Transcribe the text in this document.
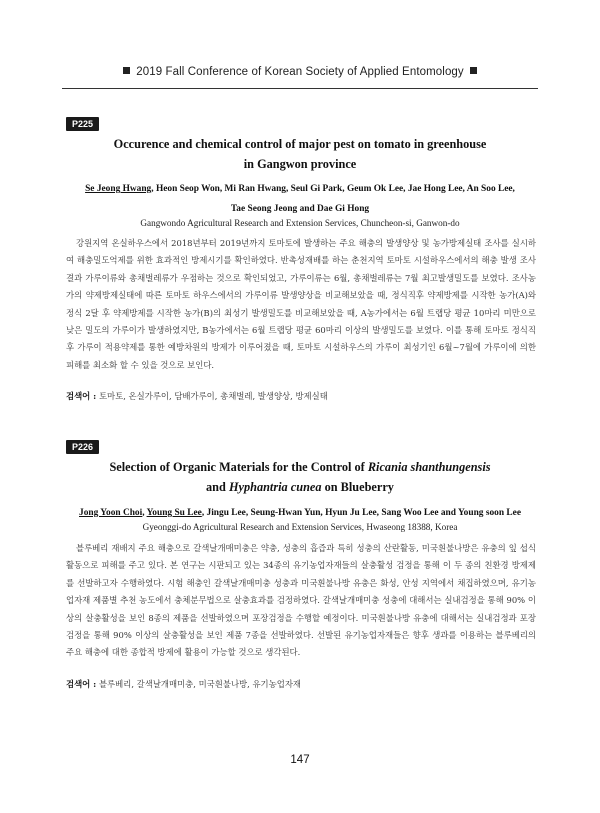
2019 Fall Conference of Korean Society of Applied Entomology
P225
Occurence and chemical control of major pest on tomato in greenhouse
in Gangwon province
Se Jeong Hwang, Heon Seop Won, Mi Ran Hwang, Seul Gi Park, Geum Ok Lee, Jae Hong Lee, An Soo Lee,
Tae Seong Jeong and Dae Gi Hong
Gangwondo Agricultural Research and Extension Services, Chuncheon-si, Ganwon-do
강원지역 온실하우스에서 2018년부터 2019년까지 토마토에 발생하는 주요 해충의 발생양상 및 농가방제실태 조사를 실시하여 해충밀도억제를 위한 효과적인 방제시기를 확인하였다. 반촉성재배를 하는 춘천지역 토마토 시설하우스에서의 해충 발생 조사결과 가루이류와 총채벌레류가 우점하는 것으로 확인되었고, 가루이류는 6월, 총채벌레류는 7월 최고발생밀도를 보였다. 조사농가의 약제방제실태에 따른 토마토 하우스에서의 가루이류 발생양상을 비교해보았을 때, 정식직후 약제방제를 시작한 농가(A)와 정식 2달 후 약제방제를 시작한 농가(B)의 최성기 발생밀도를 비교해보았을 때, A농가에서는 6월 트랩당 평균 10마리 미만으로 낮은 밀도의 가루이가 발생하였지만, B농가에서는 6월 트랩당 평균 60마리 이상의 발생밀도를 보였다. 이를 통해 토마토 정식직후 가루이 적용약제를 통한 예방차원의 방제가 이루어졌을 때, 토마토 시설하우스의 가루이 최성기인 6월~7월에 가루이에 의한 피해를 최소화 할 수 있을 것으로 보인다.
검색어 : 토마토, 온실가루이, 담배가루이, 총채벌레, 발생양상, 방제실태
P226
Selection of Organic Materials for the Control of Ricania shanthungensis
and Hyphantria cunea on Blueberry
Jong Yoon Choi, Young Su Lee, Jingu Lee, Seung-Hwan Yun, Hyun Ju Lee, Sang Woo Lee and Young soon Lee
Gyeonggi-do Agricultural Research and Extension Services, Hwaseong 18388, Korea
블루베리 재배지 주요 해충으로 갈색날개매미충은 약충, 성충의 흡즙과 특히 성충의 산란활동, 미국흰불나방은 유충의 잎 섭식활동으로 피해를 주고 있다. 본 연구는 시판되고 있는 34종의 유기농업자재들의 살충활성 검정을 통해 이 두 종의 친환경 방제제를 선발하고자 수행하였다. 시험 해충인 갈색날개매미충 성충과 미국흰불나방 유충은 화성, 안성 지역에서 채집하였으며, 유기농업자재 제품별 추천 농도에서 충체분무법으로 살충효과를 검정하였다. 갈색날개매미충 성충에 대해서는 실내검정을 통해 90% 이상의 살충활성을 보인 8종의 제품을 선발하였으며 포장검정을 수행할 예정이다. 미국흰불나방 유충에 대해서는 실내검정과 포장검정을 통해 90% 이상의 살충활성을 보인 제품 7종을 선발하였다. 선발된 유기농업자재들은 향후 생과를 이용하는 블루베리의 주요 해충에 대한 종합적 방제에 활용이 가능할 것으로 생각된다.
검색어 : 블루베리, 갈색날개매미충, 미국흰불나방, 유기농업자재
147
